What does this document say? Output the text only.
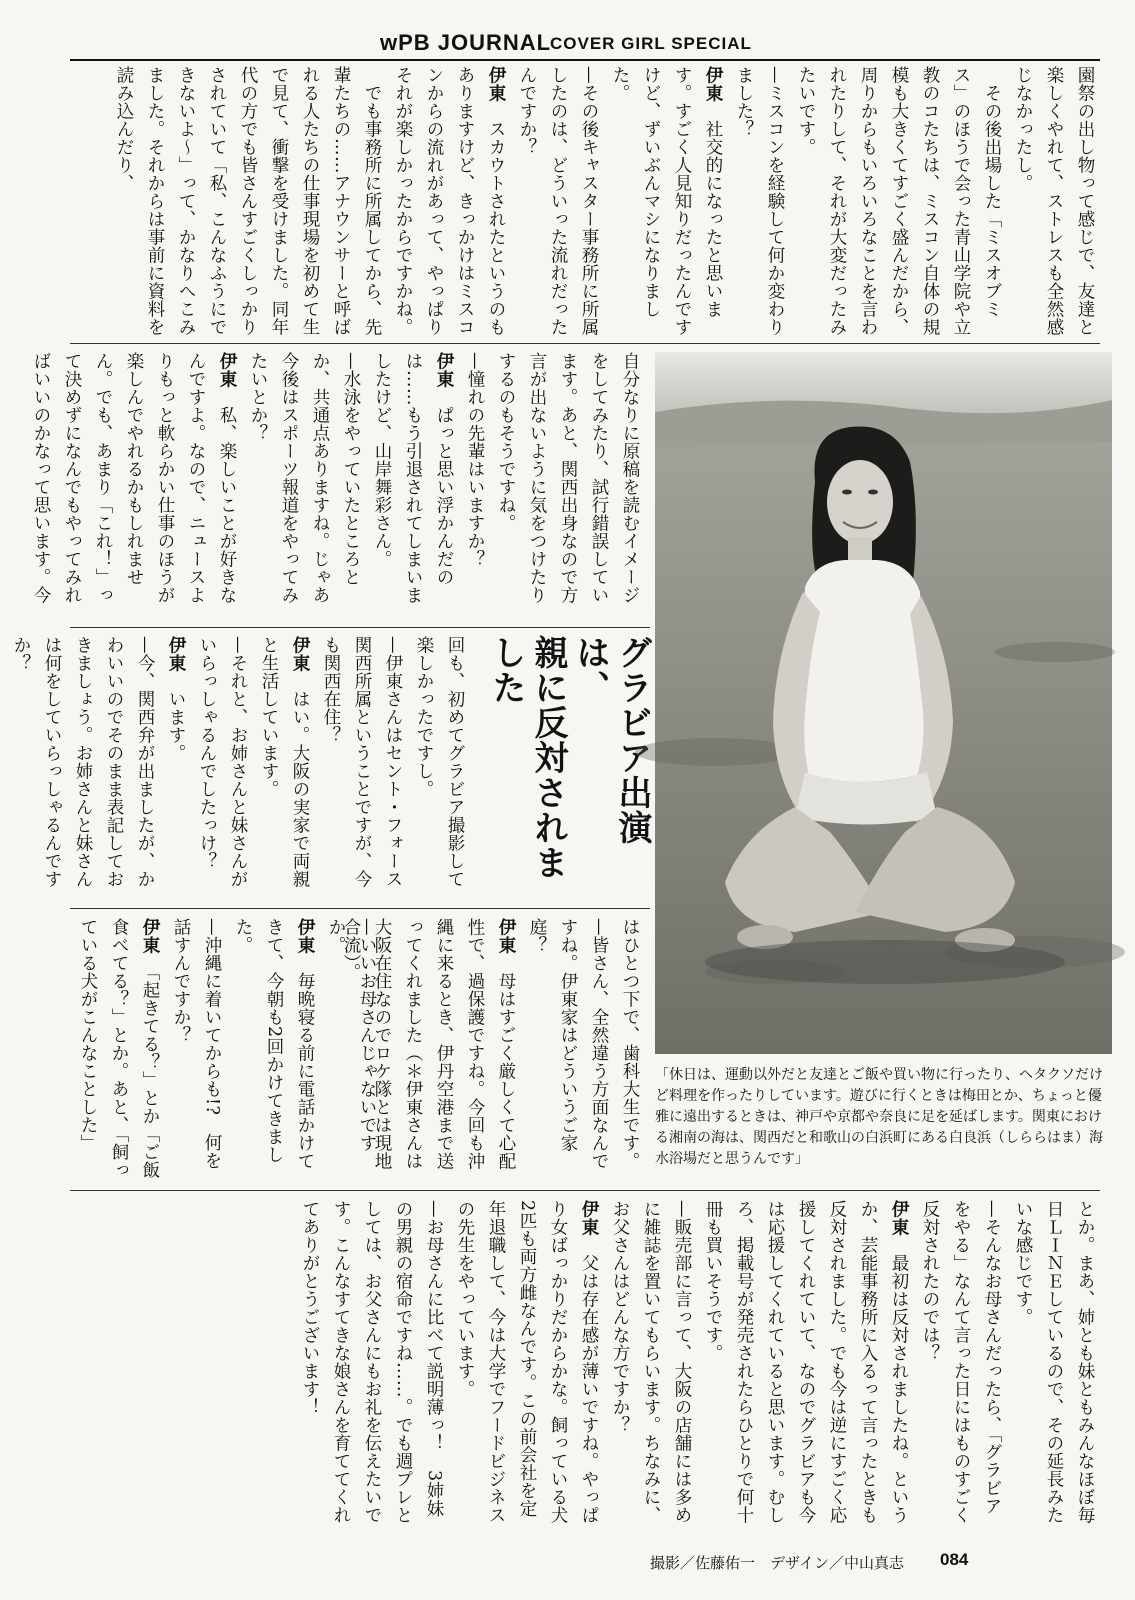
wPB JOURNAL
COVER GIRL SPECIAL

園祭の出し物って感じで、友達と楽しくやれて、ストレスも全然感じなかったし。

　その後出場した「ミスオブミス」のほうで会った青山学院や立教のコたちは、ミスコン自体の規模も大きくてすごく盛んだから、周りからもいろいろなことを言われたりして、それが大変だったみたいです。

—ミスコンを経験して何か変わりました？

伊東　社交的になったと思います。すごく人見知りだったんですけど、ずいぶんマシになりました。

—その後キャスター事務所に所属したのは、どういった流れだったんですか？

伊東　スカウトされたというのもありますけど、きっかけはミスコンからの流れがあって、やっぱりそれが楽しかったからですかね。

　でも事務所に所属してから、先輩たちの……アナウンサーと呼ばれる人たちの仕事現場を初めて生で見て、衝撃を受けました。同年代の方でも皆さんすごくしっかりされていて「私、こんなふうにできないよ～」って、かなりへこみました。それからは事前に資料を読み込んだり、

自分なりに原稿を読むイメージをしてみたり、試行錯誤しています。あと、関西出身なので方言が出ないように気をつけたりするのもそうですね。

—憧れの先輩はいますか？

伊東　ぱっと思い浮かんだのは……もう引退されてしまいましたけど、山岸舞彩さん。

—水泳をやっていたところとか、共通点ありますね。じゃあ今後はスポーツ報道をやってみたいとか？

伊東　私、楽しいことが好きなんですよ。なので、ニュースよりもっと軟らかい仕事のほうが楽しんでやれるかもしれません。でも、あまり「これ！」って決めずになんでもやってみればいいのかなって思います。今

回も、初めてグラビア撮影して楽しかったですし。

—伊東さんはセント・フォース関西所属ということですが、今も関西在住？

伊東　はい。大阪の実家で両親と生活しています。

—それと、お姉さんと妹さんがいらっしゃるんでしたっけ？

伊東　います。

—今、関西弁が出ましたが、かわいいのでそのまま表記しておきましょう。お姉さんと妹さんは何をしていらっしゃるんですか？	グラビア出演は、
親に反対されました

はひとつ下で、歯科大生です。

—皆さん、全然違う方面なんですね。伊東家はどういうご家庭？

伊東　母はすごく厳しくて心配性で、過保護ですね。今回も沖縄に来るとき、伊丹空港まで送ってくれました（＊伊東さんは大阪在住なのでロケ隊とは現地合流）。

—いいお母さんじゃないですか。

伊東　毎晩寝る前に電話かけてきて、今朝も2回かけてきました。

—沖縄に着いてからも!?　何を話すんですか？

伊東　「起きてる？」とか「ご飯食べてる？」とか。あと、「飼っている犬がこんなことした」

とか。まあ、姉とも妹ともみんなほぼ毎日ＬＩＮＥしているので、その延長みたいな感じです。

—そんなお母さんだったら、「グラビアをやる」なんて言った日にはものすごく反対されたのでは？

伊東　最初は反対されましたね。というか、芸能事務所に入るって言ったときも反対されました。でも今は逆にすごく応援してくれていて、なのでグラビアも今は応援してくれていると思います。むしろ、掲載号が発売されたらひとりで何十冊も買いそうです。

—販売部に言って、大阪の店舗には多めに雑誌を置いてもらいます。ちなみに、お父さんはどんな方ですか？

伊東　父は存在感が薄いですね。やっぱり女ばっかりだからかな。飼っている犬2匹も両方雌なんです。この前会社を定年退職して、今は大学でフードビジネスの先生をやっています。

—お母さんに比べて説明薄っ！　3姉妹の男親の宿命ですね……。でも週プレとしては、お父さんにもお礼を伝えたいです。こんなすてきな娘さんを育ててくれてありがとうございます！

「休日は、運動以外だと友達とご飯や買い物に行ったり、ヘタクソだけど料理を作ったりしています。遊びに行くときは梅田とか、ちょっと優雅に遠出するときは、神戸や京都や奈良に足を延ばします。関東における湘南の海は、関西だと和歌山の白浜町にある白良浜（しららはま）海水浴場だと思うんです」
撮影／佐藤佑一　デザイン／中山真志 084
